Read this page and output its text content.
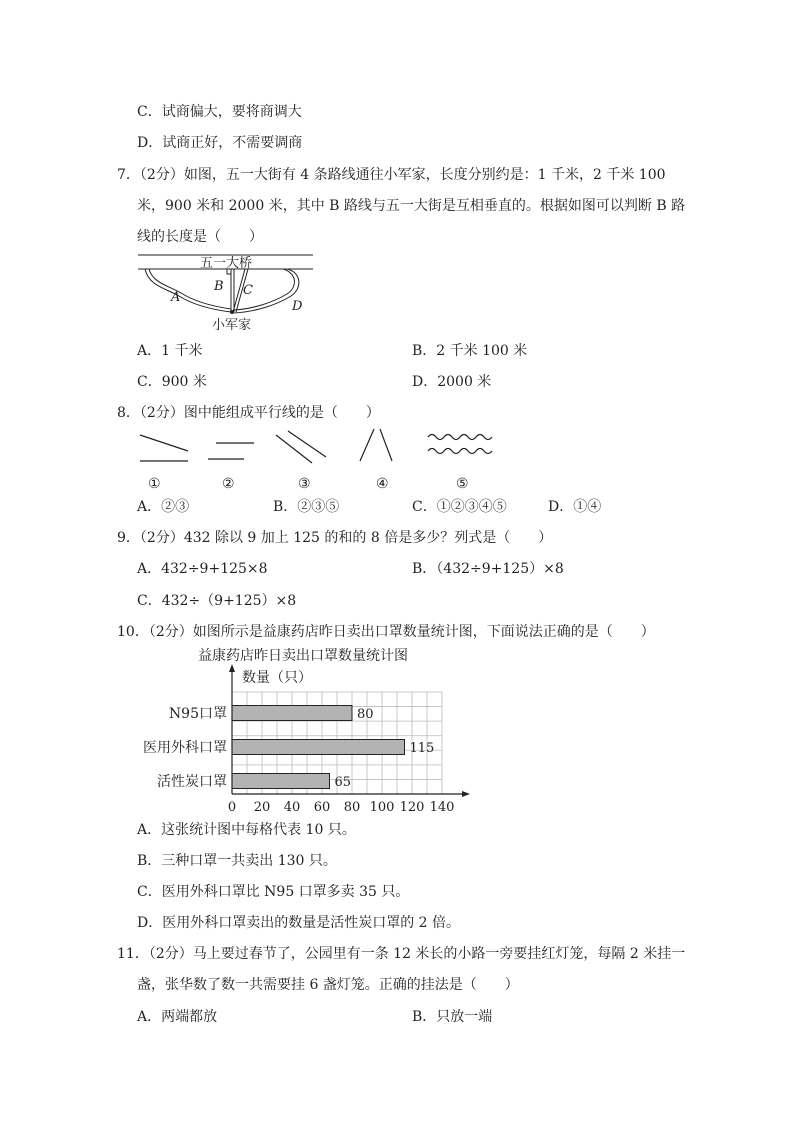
C．试商偏大，要将商调大
D．试商正好，不需要调商
7．（2分）如图，五一大街有 4 条路线通往小军家，长度分别约是：1 千米，2 千米 100
米，900 米和 2000 米，其中 B 路线与五一大街是互相垂直的。根据如图可以判断 B 路
线的长度是（　　）
五一大桥
A
B C
D
小军家
A．1 千米	B．2 千米 100 米
C．900 米	D．2000 米
8．（2分）图中能组成平行线的是（　　）
①	②	③	④	⑤
A．②③	B．②③⑤	C．①②③④⑤	D．①④
9．（2分）432 除以 9 加上 125 的和的 8 倍是多少？列式是（　　）
A．432÷9+125×8	B．（432÷9+125）×8
C．432÷（9+125）×8
10．（2分）如图所示是益康药店昨日卖出口罩数量统计图，下面说法正确的是（　　）
益康药店昨日卖出口罩数量统计图
数量（只）
80
N95口罩
115
医用外科口罩
65
活性炭口罩
0 20 40 60 80 100 120 140
A．这张统计图中每格代表 10 只。
B．三种口罩一共卖出 130 只。
C．医用外科口罩比 N95 口罩多卖 35 只。
D．医用外科口罩卖出的数量是活性炭口罩的 2 倍。
11．（2分）马上要过春节了，公园里有一条 12 米长的小路一旁要挂红灯笼，每隔 2 米挂一
盏，张华数了数一共需要挂 6 盏灯笼。正确的挂法是（　　）
A．两端都放	B．只放一端
